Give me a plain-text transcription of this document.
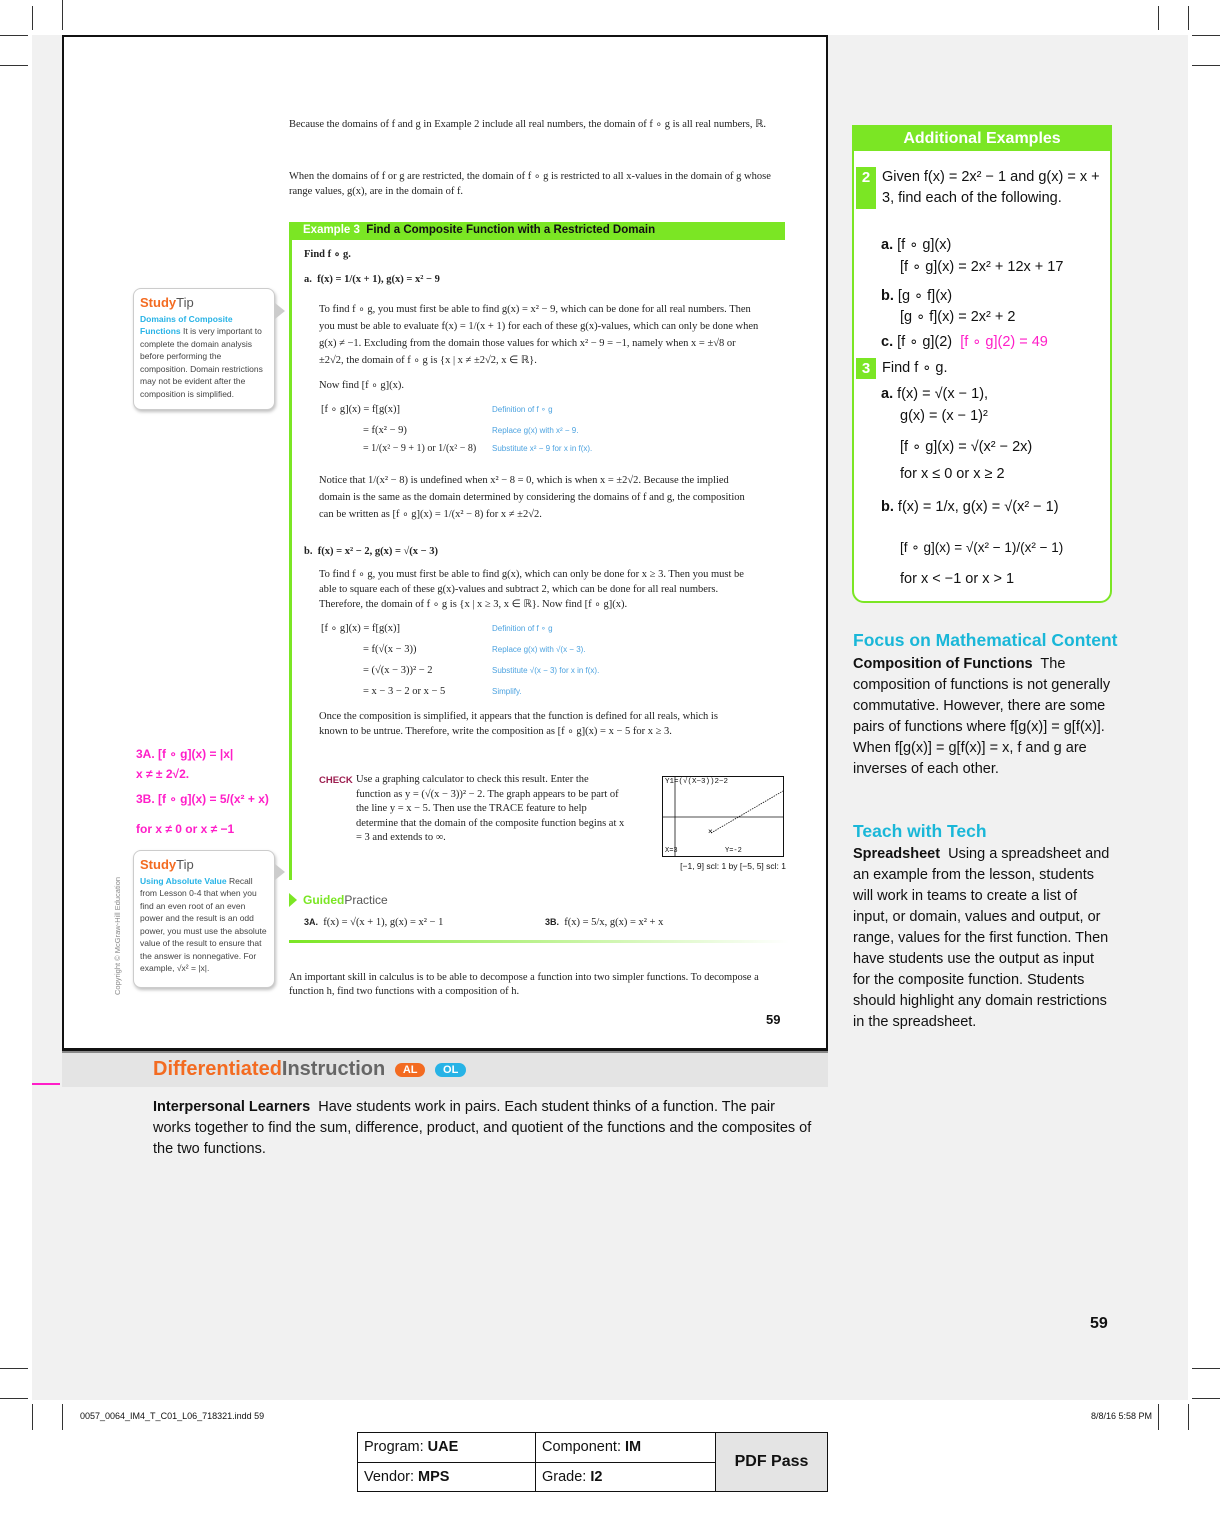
Because the domains of f and g in Example 2 include all real numbers, the domain of f ∘ g is all real numbers, ℝ.
When the domains of f or g are restricted, the domain of f ∘ g is restricted to all x-values in the domain of g whose range values, g(x), are in the domain of f.
Example 3 Find a Composite Function with a Restricted Domain
Find f ∘ g.
a. f(x) = 1/(x + 1), g(x) = x² − 9
To find f ∘ g, you must first be able to find g(x) = x² − 9, which can be done for all real numbers. Then you must be able to evaluate f(x) = 1/(x + 1) for each of these g(x)-values, which can only be done when g(x) ≠ −1. Excluding from the domain those values for which x² − 9 = −1, namely when x = ±√8 or ±2√2, the domain of f ∘ g is {x | x ≠ ±2√2, x ∈ ℝ}.
Now find [f ∘ g](x).
[f ∘ g](x) = f[g(x)]	Definition of f ∘ g
= f(x² − 9)	Replace g(x) with x² − 9.
= 1/(x² − 9 + 1) or 1/(x² − 8)	Substitute x² − 9 for x in f(x).
Notice that 1/(x² − 8) is undefined when x² − 8 = 0, which is when x = ±2√2. Because the implied domain is the same as the domain determined by considering the domains of f and g, the composition can be written as [f ∘ g](x) = 1/(x² − 8) for x ≠ ±2√2.
b. f(x) = x² − 2, g(x) = √(x − 3)
To find f ∘ g, you must first be able to find g(x), which can only be done for x ≥ 3. Then you must be able to square each of these g(x)-values and subtract 2, which can be done for all real numbers. Therefore, the domain of f ∘ g is {x | x ≥ 3, x ∈ ℝ}. Now find [f ∘ g](x).
[f ∘ g](x) = f[g(x)]	Definition of f ∘ g
= f(√(x − 3))	Replace g(x) with √(x − 3).
= (√(x − 3))² − 2	Substitute √(x − 3) for x in f(x).
= x − 3 − 2 or x − 5	Simplify.
Once the composition is simplified, it appears that the function is defined for all reals, which is known to be untrue. Therefore, write the composition as [f ∘ g](x) = x − 5 for x ≥ 3.
CHECK Use a graphing calculator to check this result. Enter the function as y = (√(x − 3))² − 2. The graph appears to be part of the line y = x − 5. Then use the TRACE feature to help determine that the domain of the composite function begins at x = 3 and extends to ∞.
Y1=(√(X−3))2−2
×
X=3	Y=-2
[−1, 9] scl: 1 by [−5, 5] scl: 1
GuidedPractice
3A. f(x) = √(x + 1), g(x) = x² − 1	3B. f(x) = 5/x, g(x) = x² + x
An important skill in calculus is to be able to decompose a function into two simpler functions. To decompose a function h, find two functions with a composition of h.
59
StudyTip
Domains of Composite Functions It is very important to complete the domain analysis before performing the composition. Domain restrictions may not be evident after the composition is simplified.
StudyTip
Using Absolute Value Recall from Lesson 0-4 that when you find an even root of an even power and the result is an odd power, you must use the absolute value of the result to ensure that the answer is nonnegative. For example, √x² = |x|.
Copyright © McGraw-Hill Education
3A. [f ∘ g](x) = |x|
x ≠ ± 2√2.
3B. [f ∘ g](x) = 5/(x² + x)
for x ≠ 0 or x ≠ −1
Additional Examples
2 Given f(x) = 2x² − 1 and g(x) = x + 3, find each of the following.
a. [f ∘ g](x)
[f ∘ g](x) = 2x² + 12x + 17
b. [g ∘ f](x)
[g ∘ f](x) = 2x² + 2
c. [f ∘ g](2) [f ∘ g](2) = 49
3 Find f ∘ g.
a. f(x) = √(x − 1),
g(x) = (x − 1)²
[f ∘ g](x) = √(x² − 2x)
for x ≤ 0 or x ≥ 2
b. f(x) = 1/x, g(x) = √(x² − 1)
[f ∘ g](x) = √(x² − 1)/(x² − 1)
for x < −1 or x > 1
Focus on Mathematical Content
Composition of Functions The composition of functions is not generally commutative. However, there are some pairs of functions where f[g(x)] = g[f(x)]. When f[g(x)] = g[f(x)] = x, f and g are inverses of each other.
Teach with Tech
Spreadsheet Using a spreadsheet and an example from the lesson, students will work in teams to create a list of input, or domain, values and output, or range, values for the first function. Then have students use the output as input for the composite function. Students should highlight any domain restrictions in the spreadsheet.
59
DifferentiatedInstruction AL OL
Interpersonal Learners Have students work in pairs. Each student thinks of a function. The pair works together to find the sum, difference, product, and quotient of the functions and the composites of the two functions.
0057_0064_IM4_T_C01_L06_718321.indd 59	8/8/16 5:58 PM
Program: UAE	Component: IM	PDF Pass
Vendor: MPS	Grade: I2	
